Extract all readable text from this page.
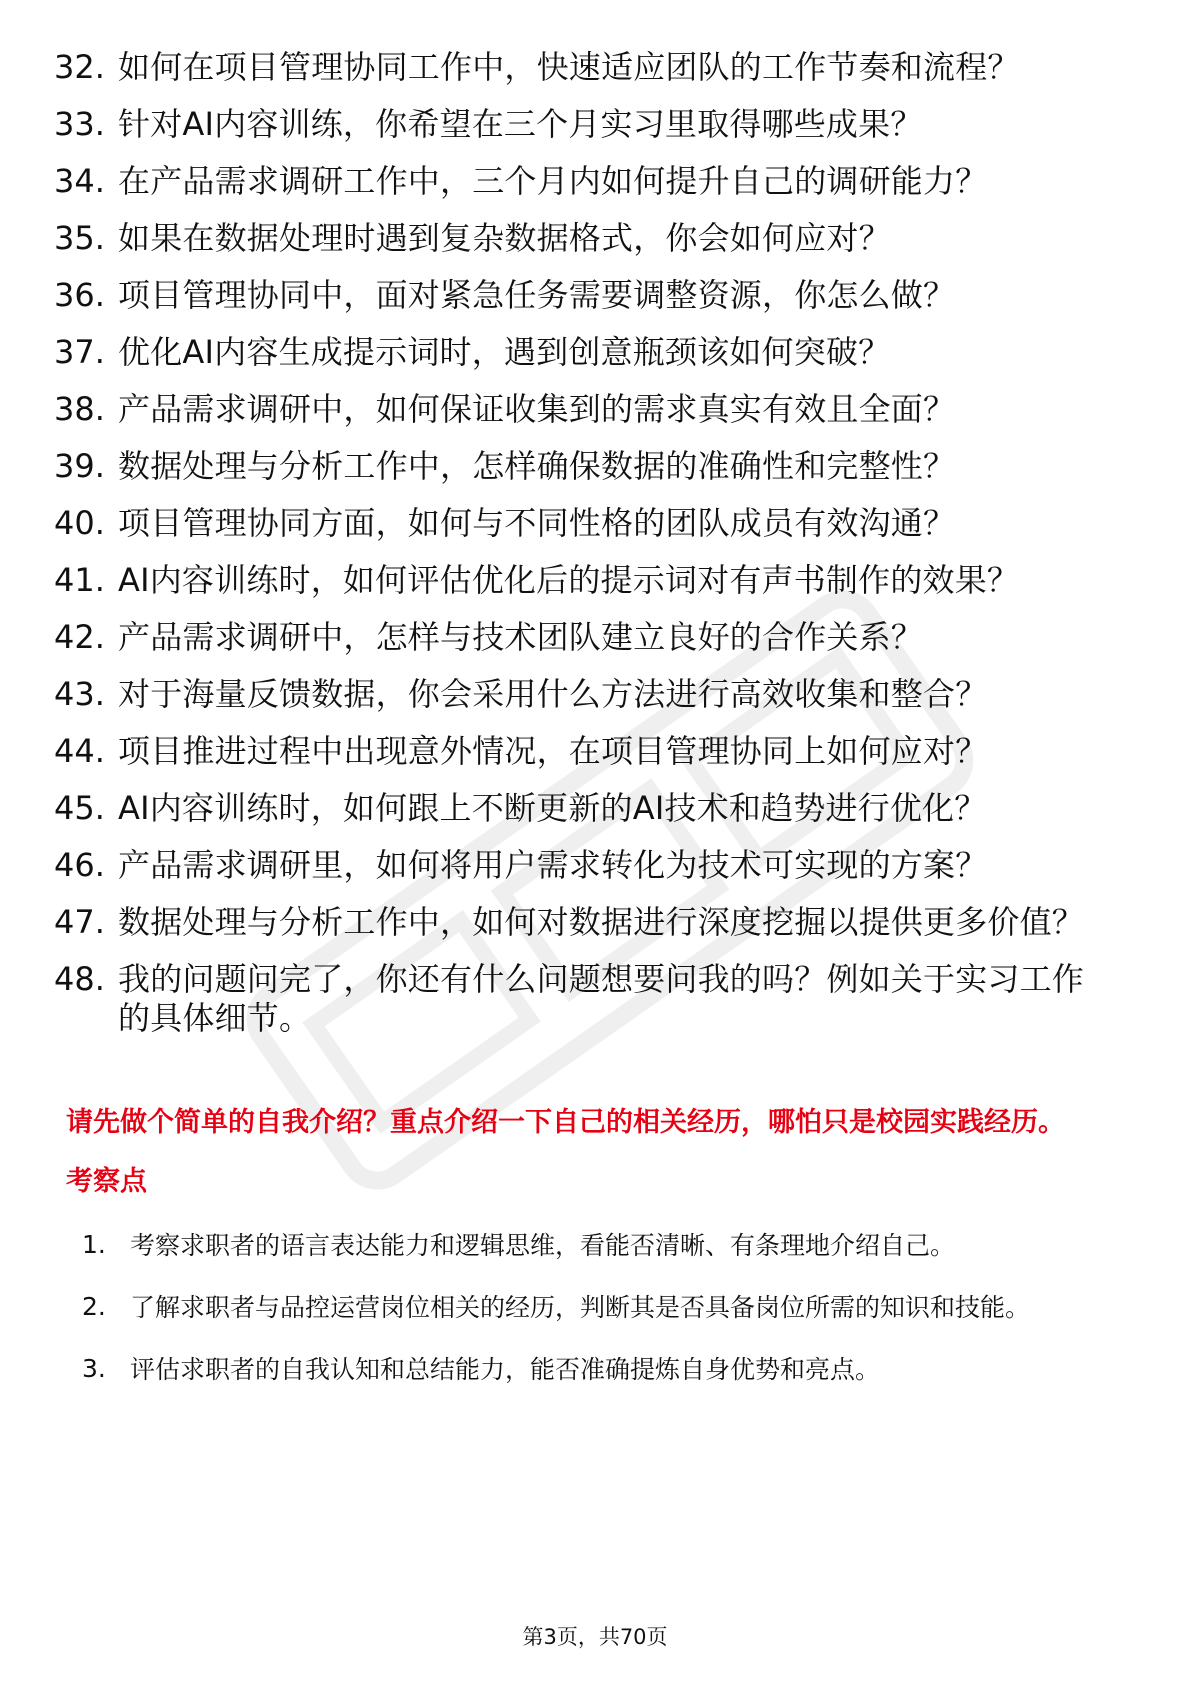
32. 如何在项目管理协同工作中，快速适应团队的工作节奏和流程？
33. 针对AI内容训练，你希望在三个月实习里取得哪些成果？
34. 在产品需求调研工作中，三个月内如何提升自己的调研能力？
35. 如果在数据处理时遇到复杂数据格式，你会如何应对？
36. 项目管理协同中，面对紧急任务需要调整资源，你怎么做？
37. 优化AI内容生成提示词时，遇到创意瓶颈该如何突破？
38. 产品需求调研中，如何保证收集到的需求真实有效且全面？
39. 数据处理与分析工作中，怎样确保数据的准确性和完整性？
40. 项目管理协同方面，如何与不同性格的团队成员有效沟通？
41. AI内容训练时，如何评估优化后的提示词对有声书制作的效果？
42. 产品需求调研中，怎样与技术团队建立良好的合作关系？
43. 对于海量反馈数据，你会采用什么方法进行高效收集和整合？
44. 项目推进过程中出现意外情况，在项目管理协同上如何应对？
45. AI内容训练时，如何跟上不断更新的AI技术和趋势进行优化？
46. 产品需求调研里，如何将用户需求转化为技术可实现的方案？
47. 数据处理与分析工作中，如何对数据进行深度挖掘以提供更多价值？
48. 我的问题问完了，你还有什么问题想要问我的吗？例如关于实习工作的具体细节。

请先做个简单的自我介绍？重点介绍一下自己的相关经历，哪怕只是校园实践经历。

考察点

1. 考察求职者的语言表达能力和逻辑思维，看能否清晰、有条理地介绍自己。
2. 了解求职者与品控运营岗位相关的经历，判断其是否具备岗位所需的知识和技能。
3. 评估求职者的自我认知和总结能力，能否准确提炼自身优势和亮点。
第3页，共70页
